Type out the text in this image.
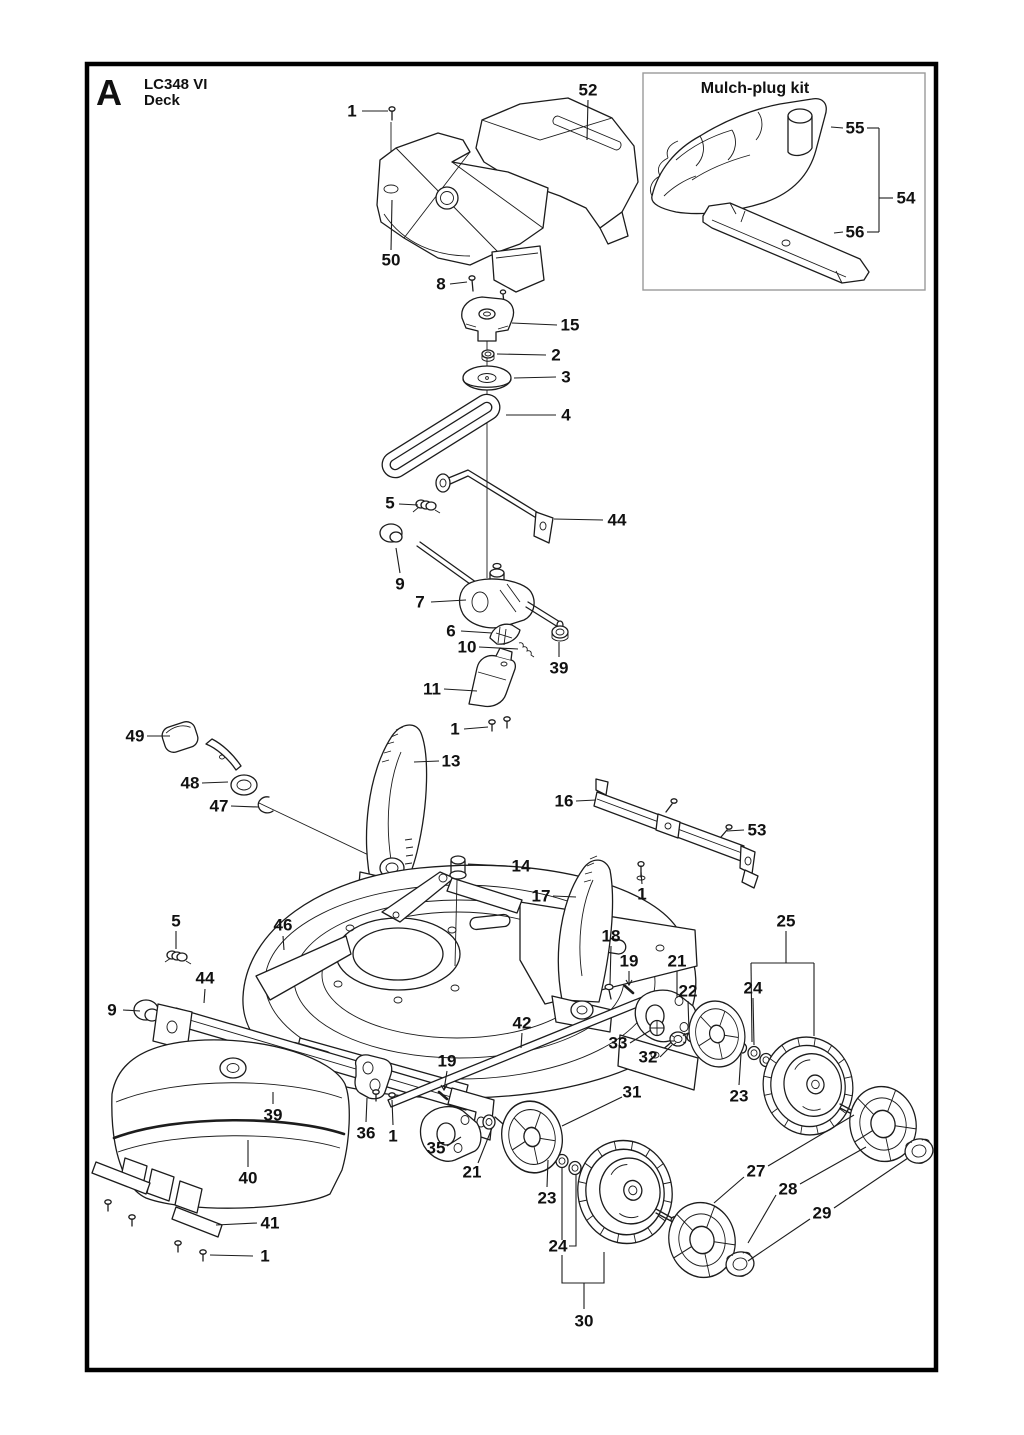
1
52
50
8
15
2
3
4
5
44
9
7
6
10
39
11
1
49
48
47
13
16
53
1
17
14
5	46
44
9
18
19 21
22	24
25
33
32
23
42
19
31
36 1
35
21
23
24
30
27
28
29
40
41
1
39
55
54
56
A LC348 VI
Deck
Mulch-plug kit
